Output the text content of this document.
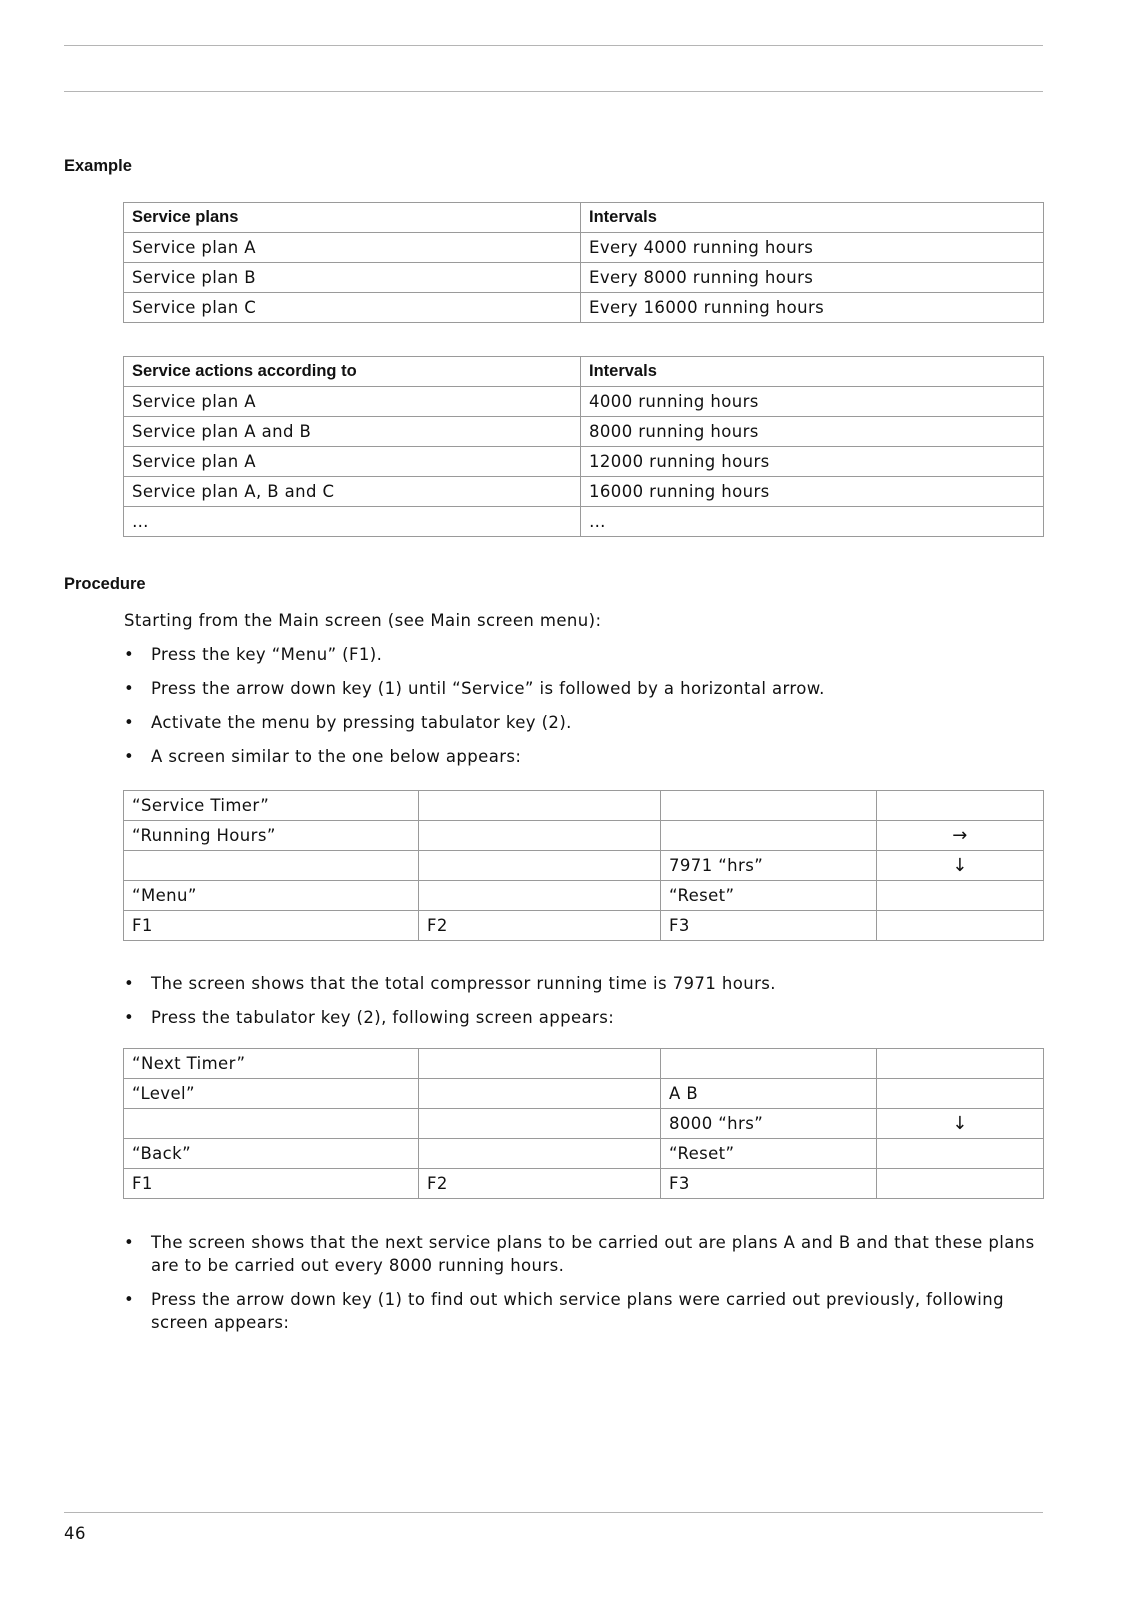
Example
Service plans	Intervals
Service plan A	Every 4000 running hours
Service plan B	Every 8000 running hours
Service plan C	Every 16000 running hours
Service actions according to	Intervals
Service plan A	4000 running hours
Service plan A and B	8000 running hours
Service plan A	12000 running hours
Service plan A, B and C	16000 running hours
…	…
Procedure
Starting from the Main screen (see Main screen menu):
• Press the key “Menu” (F1).
• Press the arrow down key (1) until “Service” is followed by a horizontal arrow.
• Activate the menu by pressing tabulator key (2).
• A screen similar to the one below appears:
“Service Timer”			
“Running Hours”			→
		7971 “hrs”	↓
“Menu”		“Reset”	
F1	F2	F3	
• The screen shows that the total compressor running time is 7971 hours.
• Press the tabulator key (2), following screen appears:
“Next Timer”			
“Level”		A B	
		8000 “hrs”	↓
“Back”		“Reset”	
F1	F2	F3	
• The screen shows that the next service plans to be carried out are plans A and B and that these plans are to be carried out every 8000 running hours.
• Press the arrow down key (1) to find out which service plans were carried out previously, following screen appears:
46
